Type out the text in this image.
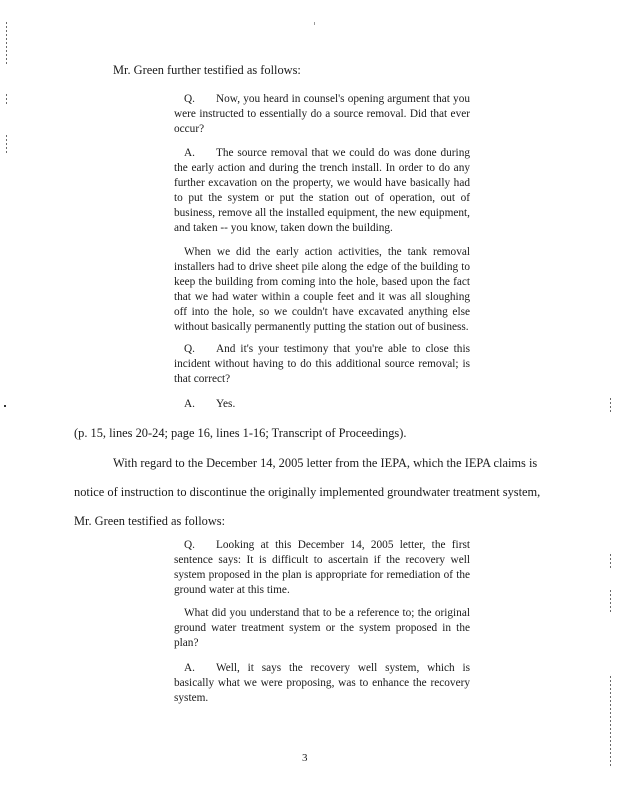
Mr. Green further testified as follows:
Q. Now, you heard in counsel's opening argument that you were instructed to essentially do a source removal. Did that ever occur?
A. The source removal that we could do was done during the early action and during the trench install. In order to do any further excavation on the property, we would have basically had to put the system or put the station out of operation, out of business, remove all the installed equipment, the new equipment, and taken -- you know, taken down the building.
When we did the early action activities, the tank removal installers had to drive sheet pile along the edge of the building to keep the building from coming into the hole, based upon the fact that we had water within a couple feet and it was all sloughing off into the hole, so we couldn't have excavated anything else without basically permanently putting the station out of business.
Q. And it's your testimony that you're able to close this incident without having to do this additional source removal; is that correct?
A. Yes.
(p. 15, lines 20-24; page 16, lines 1-16; Transcript of Proceedings).
With regard to the December 14, 2005 letter from the IEPA, which the IEPA claims is
notice of instruction to discontinue the originally implemented groundwater treatment system,
Mr. Green testified as follows:
Q. Looking at this December 14, 2005 letter, the first sentence says: It is difficult to ascertain if the recovery well system proposed in the plan is appropriate for remediation of the ground water at this time.
What did you understand that to be a reference to; the original ground water treatment system or the system proposed in the plan?
A. Well, it says the recovery well system, which is basically what we were proposing, was to enhance the recovery system.
3
